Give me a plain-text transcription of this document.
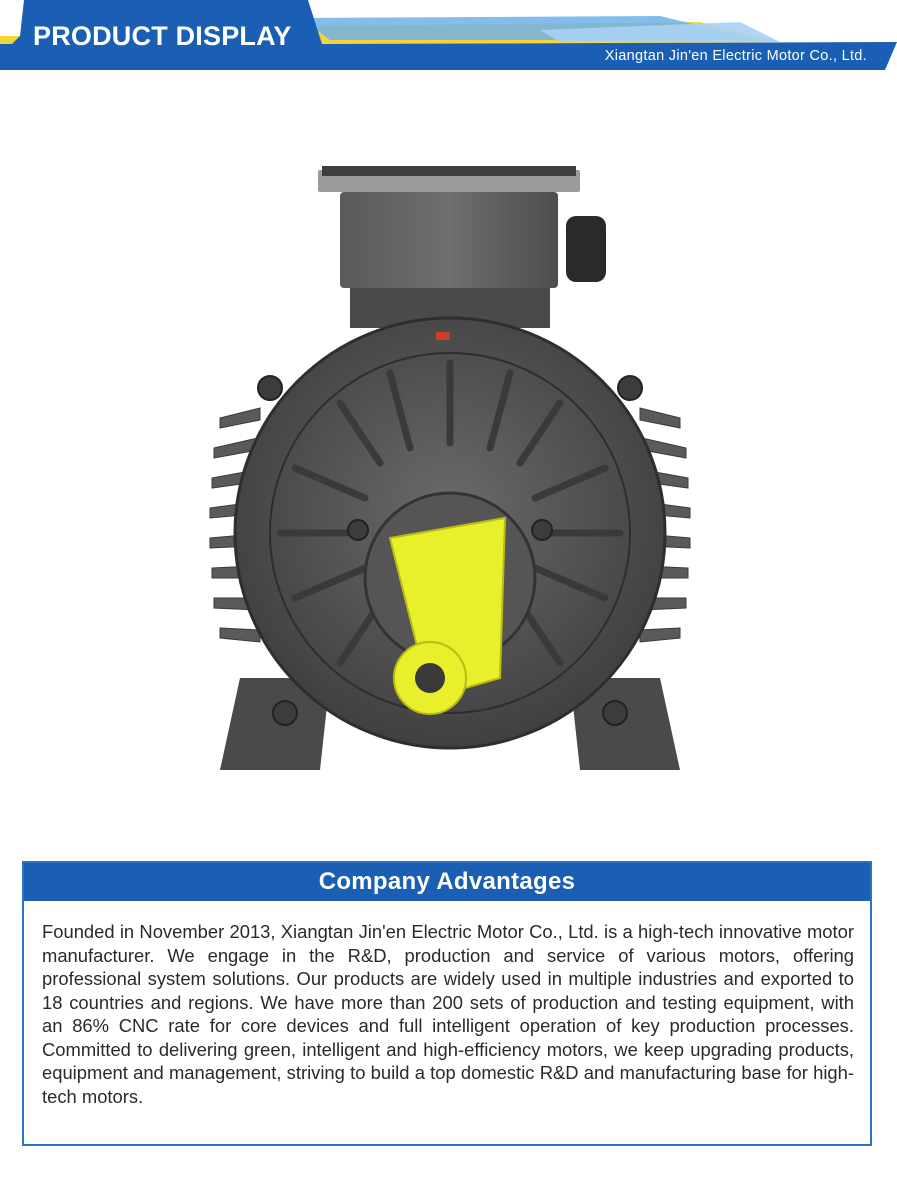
PRODUCT DISPLAY

Xiangtan Jin'en Electric Motor Co., Ltd.

Company Advantages

Founded in November 2013, Xiangtan Jin'en Electric Motor Co., Ltd. is a high-tech innovative motor manufacturer. We engage in the R&D, production and service of various motors, offering professional system solutions. Our products are widely used in multiple industries and exported to 18 countries and regions. We have more than 200 sets of production and testing equipment, with an 86% CNC rate for core devices and full intelligent operation of key production processes. Committed to delivering green, intelligent and high-efficiency motors, we keep upgrading products, equipment and management, striving to build a top domestic R&D and manufacturing base for high-tech motors.
